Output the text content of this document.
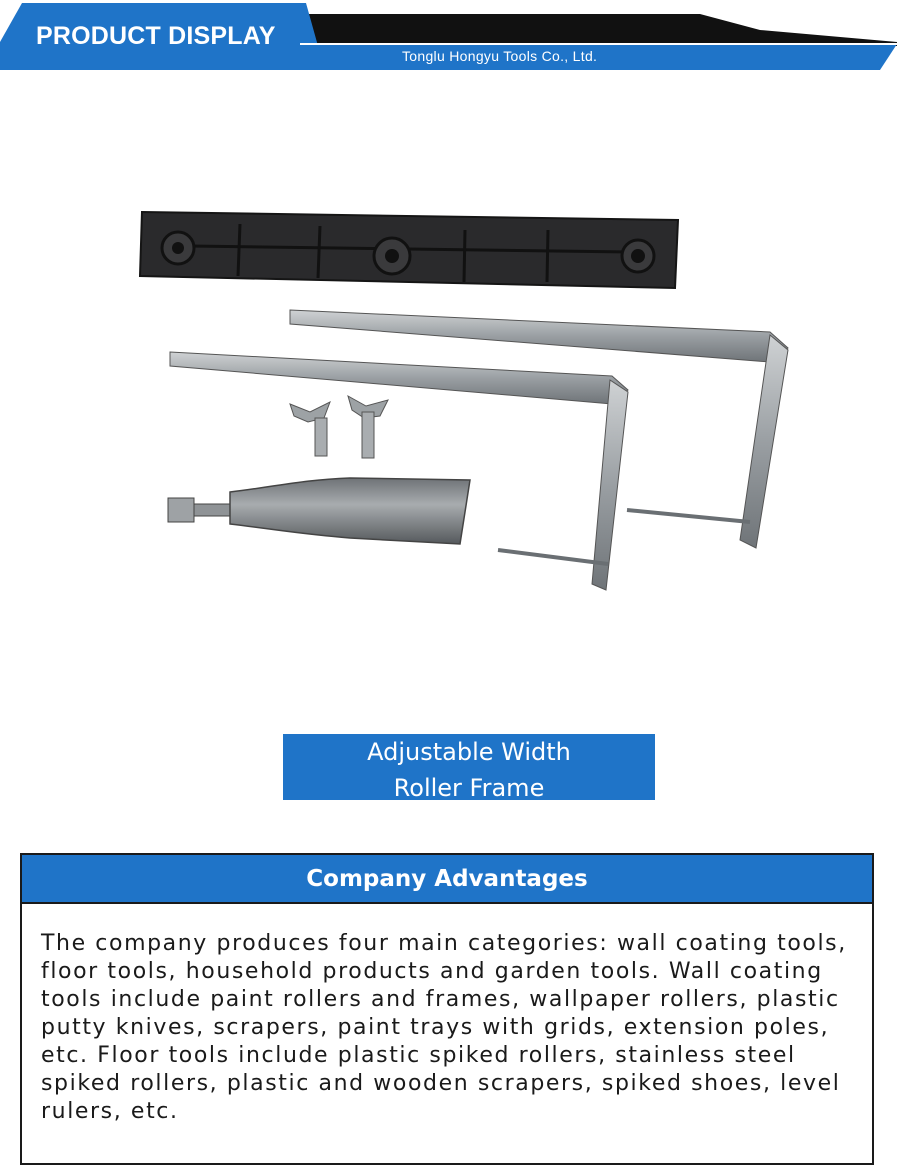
PRODUCT DISPLAY
Tonglu Hongyu Tools Co., Ltd.
Adjustable Width
Roller Frame
Company Advantages
The company produces four main categories: wall coating tools, floor tools, household products and garden tools. Wall coating tools include paint rollers and frames, wallpaper rollers, plastic putty knives, scrapers, paint trays with grids, extension poles, etc. Floor tools include plastic spiked rollers, stainless steel spiked rollers, plastic and wooden scrapers, spiked shoes, level rulers, etc.
